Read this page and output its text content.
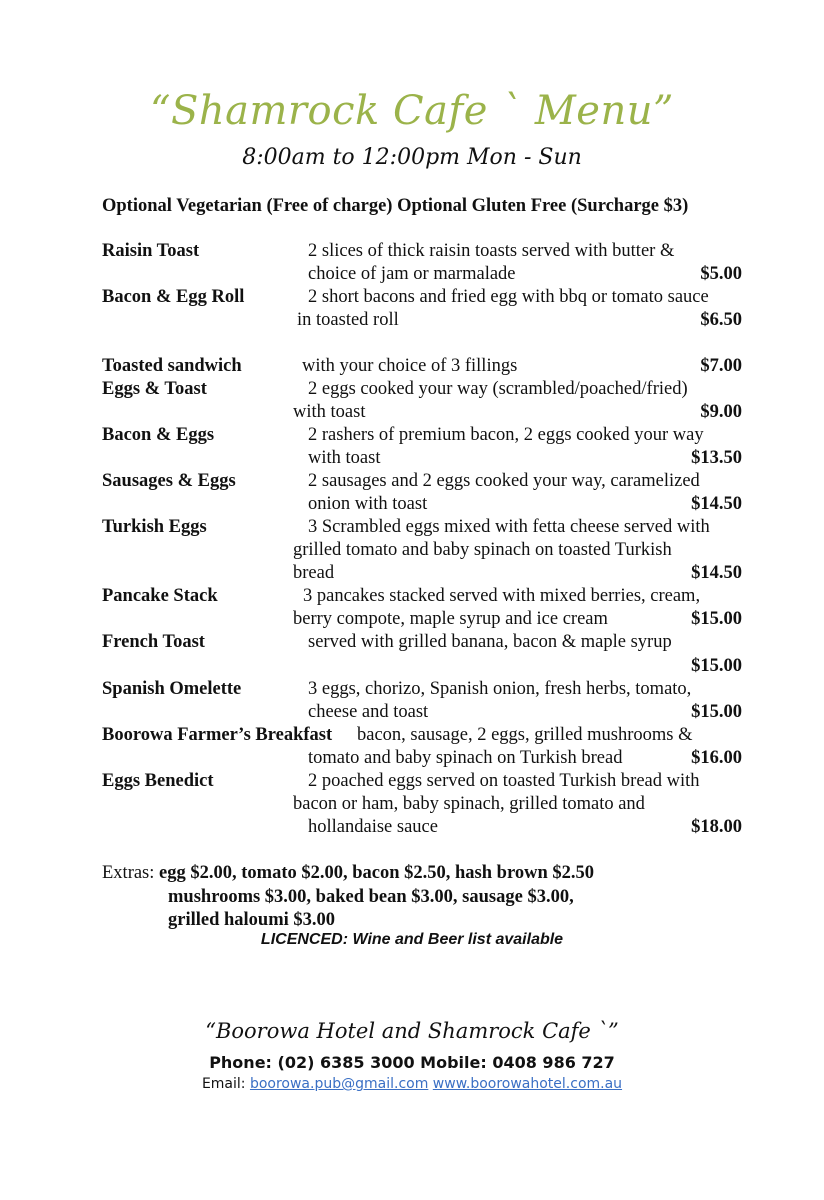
“Shamrock Cafe ` Menu”
8:00am to 12:00pm Mon - Sun
Optional Vegetarian (Free of charge) Optional Gluten Free (Surcharge $3)
Raisin Toast	2 slices of thick raisin toasts served with butter &
choice of jam or marmalade	$5.00
Bacon & Egg Roll	2 short bacons and fried egg with bbq or tomato sauce
in toasted roll	$6.50
Toasted sandwich	with your choice of 3 fillings	$7.00
Eggs & Toast	2 eggs cooked your way (scrambled/poached/fried)
with toast	$9.00
Bacon & Eggs	2 rashers of premium bacon, 2 eggs cooked your way
with toast	$13.50
Sausages & Eggs	2 sausages and 2 eggs cooked your way, caramelized
onion with toast	$14.50
Turkish Eggs	3 Scrambled eggs mixed with fetta cheese served with
grilled tomato and baby spinach on toasted Turkish
bread	$14.50
Pancake Stack	3 pancakes stacked served with mixed berries, cream,
berry compote, maple syrup and ice cream	$15.00
French Toast	served with grilled banana, bacon & maple syrup
$15.00
Spanish Omelette	3 eggs, chorizo, Spanish onion, fresh herbs, tomato,
cheese and toast	$15.00
Boorowa Farmer’s Breakfast bacon, sausage, 2 eggs, grilled mushrooms &
tomato and baby spinach on Turkish bread	$16.00
Eggs Benedict	2 poached eggs served on toasted Turkish bread with
bacon or ham, baby spinach, grilled tomato and
hollandaise sauce	$18.00
Extras: egg $2.00, tomato $2.00, bacon $2.50, hash brown $2.50
mushrooms $3.00, baked bean $3.00, sausage $3.00,
grilled haloumi $3.00
LICENCED: Wine and Beer list available
“Boorowa Hotel and Shamrock Cafe `”
Phone: (02) 6385 3000 Mobile: 0408 986 727
Email: boorowa.pub@gmail.com www.boorowahotel.com.au
